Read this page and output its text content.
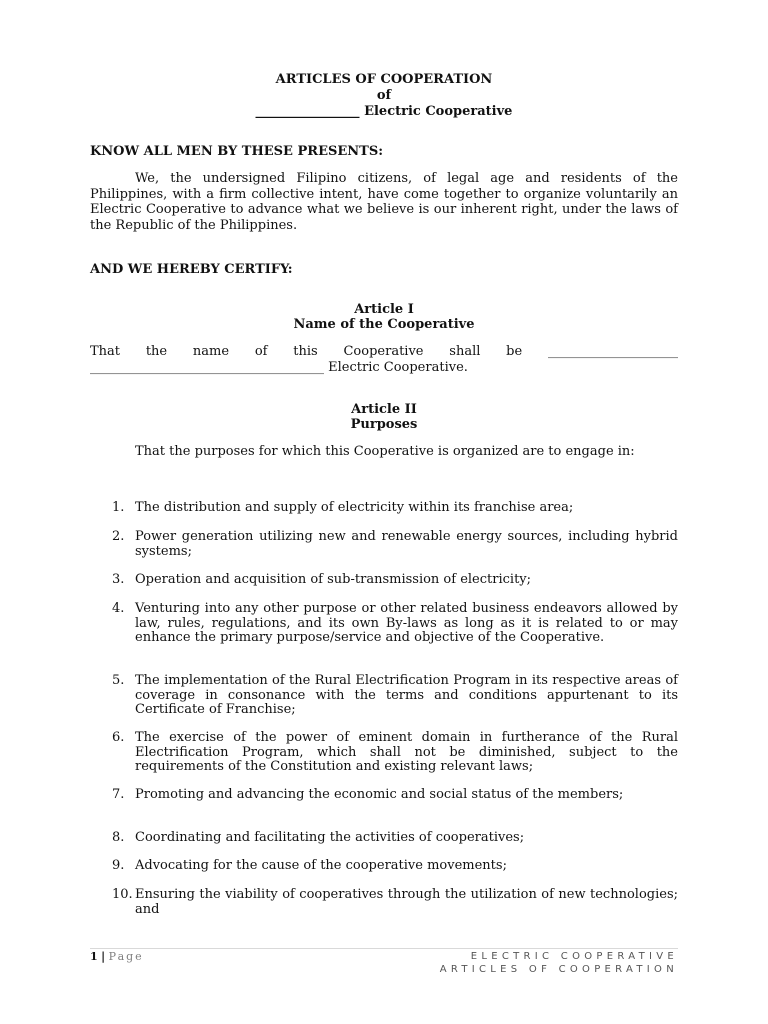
ARTICLES OF COOPERATION
of
________________ Electric Cooperative
KNOW ALL MEN BY THESE PRESENTS:
We, the undersigned Filipino citizens, of legal age and residents of the Philippines, with a firm collective intent, have come together to organize voluntarily an Electric Cooperative to advance what we believe is our inherent right, under the laws of the Republic of the Philippines.
AND WE HEREBY CERTIFY:
Article I
Name of the Cooperative
That the name of this Cooperative shall be ____________________ ____________________________________ Electric Cooperative.
Article II
Purposes
That the purposes for which this Cooperative is organized are to engage in:
1. The distribution and supply of electricity within its franchise area;
2. Power generation utilizing new and renewable energy sources, including hybrid systems;
3. Operation and acquisition of sub-transmission of electricity;
4. Venturing into any other purpose or other related business endeavors allowed by law, rules, regulations, and its own By-laws as long as it is related to or may enhance the primary purpose/service and objective of the Cooperative.
5. The implementation of the Rural Electrification Program in its respective areas of coverage in consonance with the terms and conditions appurtenant to its Certificate of Franchise;
6. The exercise of the power of eminent domain in furtherance of the Rural Electrification Program, which shall not be diminished, subject to the requirements of the Constitution and existing relevant laws;
7. Promoting and advancing the economic and social status of the members;
8. Coordinating and facilitating the activities of cooperatives;
9. Advocating for the cause of the cooperative movements;
10. Ensuring the viability of cooperatives through the utilization of new technologies; and
1 | Page	ELECTRIC COOPERATIVE
ARTICLES OF COOPERATION
